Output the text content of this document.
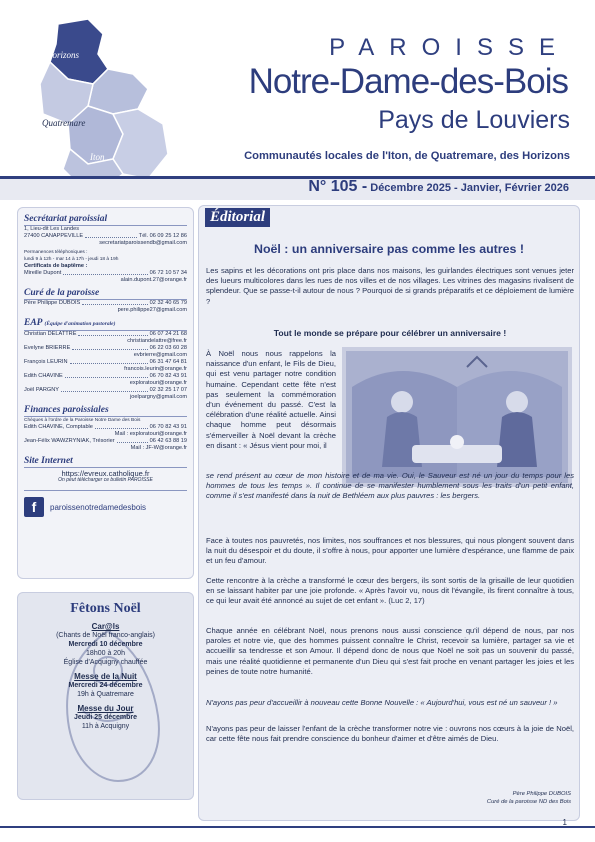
Horizons
Quatremare
Iton
PAROISSE
Notre-Dame-des-Bois
Pays de Louviers
Communautés locales de l'Iton, de Quatremare, des Horizons
N° 105 - Décembre 2025 - Janvier, Février 2026
Secrétariat paroissial
1, Lieu-dit Les Landes
27400 CANAPPEVILLE	Tél. 06 09 25 12 86
secretariatparoissendb@gmail.com
Permanences téléphoniques :
lundi 9 à 12h - mar 14 à 17h - jeudi 18 à 19h
Certificats de baptême :
Mireille Dupont	06 72 10 57 34
alain.dupont.27@orange.fr
Curé de la paroisse
Père Philippe DUBOIS	02 32 40 65 79
pere.philippe27@gmail.com
EAP (Équipe d'animation pastorale)
Christian DELATTRE	06 07 24 21 68
christiandelattre@free.fr
Évelyne BRIERRE	06 22 03 60 28
evbrierre@gmail.com
François LEURIN	06 31 47 64 81
francois.leurin@orange.fr
Edith CHAVINE	06 70 82 43 91
exploratouri@orange.fr
Joël PARGNY	02 32 25 17 07
joelpargny@gmail.com
Finances paroissiales
Chèques à l'ordre de la Paroisse Notre Dame des Bois
Edith CHAVINE, Comptable	06 70 82 43 91
Mail : exploratouri@orange.fr
Jean-Félix WAWZRYNIAK, Trésorier	06 42 63 88 19
Mail : JF-W@orange.fr
Site Internet
https://evreux.catholique.fr
On peut télécharger ce bulletin PAROISSE
f	paroissenotredamedesbois
Fêtons Noël
Car@ls
(Chants de Noël franco-anglais)
Mercredi 10 décembre
18h00 à 20h
Église d'Acquigny chauffée
Messe de la Nuit
Mercredi 24 décembre
19h à Quatremare
Messe du Jour
Jeudi 25 décembre
11h à Acquigny
Éditorial
Noël : un anniversaire pas comme les autres !
Les sapins et les décorations ont pris place dans nos maisons, les guirlandes électriques sont venues jeter des lueurs multicolores dans les rues de nos villes et de nos villages. Les vitrines des magasins rivalisent de splendeur. Que se passe-t-il autour de nous ? Pourquoi de si grands préparatifs et ce déploiement de lumière ?
Tout le monde se prépare pour célébrer un anniversaire !
À Noël nous nous rappelons la naissance d'un enfant, le Fils de Dieu, qui est venu partager notre condition humaine. Cependant cette fête n'est pas seulement la commémoration d'un événement du passé. C'est la célébration d'une réalité actuelle. Ainsi chaque homme peut désormais s'émerveiller à Noël devant la crèche en disant : « Jésus vient pour moi, il
se rend présent au cœur de mon histoire et de ma vie. Oui, le Sauveur est né un jour du temps pour les hommes de tous les temps ». Il continue de se manifester humblement sous les traits d'un petit enfant, comme il s'est manifesté dans la nuit de Bethléem aux plus pauvres : les bergers.
Face à toutes nos pauvretés, nos limites, nos souffrances et nos blessures, qui nous plongent souvent dans la nuit du désespoir et du doute, il s'offre à nous, pour apporter une lumière d'espérance, une flamme de paix et un feu d'amour.
Cette rencontre à la crèche a transformé le cœur des bergers, ils sont sortis de la grisaille de leur quotidien en se laissant habiter par une joie profonde. « Après l'avoir vu, nous dit l'évangile, ils firent connaître à tous, ce qui leur avait été annoncé au sujet de cet enfant ». (Luc 2, 17)
Chaque année en célébrant Noël, nous prenons nous aussi conscience qu'il dépend de nous, par nos paroles et notre vie, que des hommes puissent connaître le Christ, recevoir sa lumière, partager sa vie et accueillir sa tendresse et son Amour. Il dépend donc de nous que Noël ne soit pas un souvenir du passé, mais une réalité quotidienne et permanente d'un Dieu qui s'est fait proche en venant partager les joies et les peines de toute notre humanité.
N'ayons pas peur d'accueillir à nouveau cette Bonne Nouvelle : « Aujourd'hui, vous est né un sauveur ! »
N'ayons pas peur de laisser l'enfant de la crèche transformer notre vie : ouvrons nos cœurs à la joie de Noël, car cette fête nous fait prendre conscience du bonheur d'aimer et d'être aimés de Dieu.
Père Philippe DUBOIS
Curé de la paroisse ND des Bois
1
